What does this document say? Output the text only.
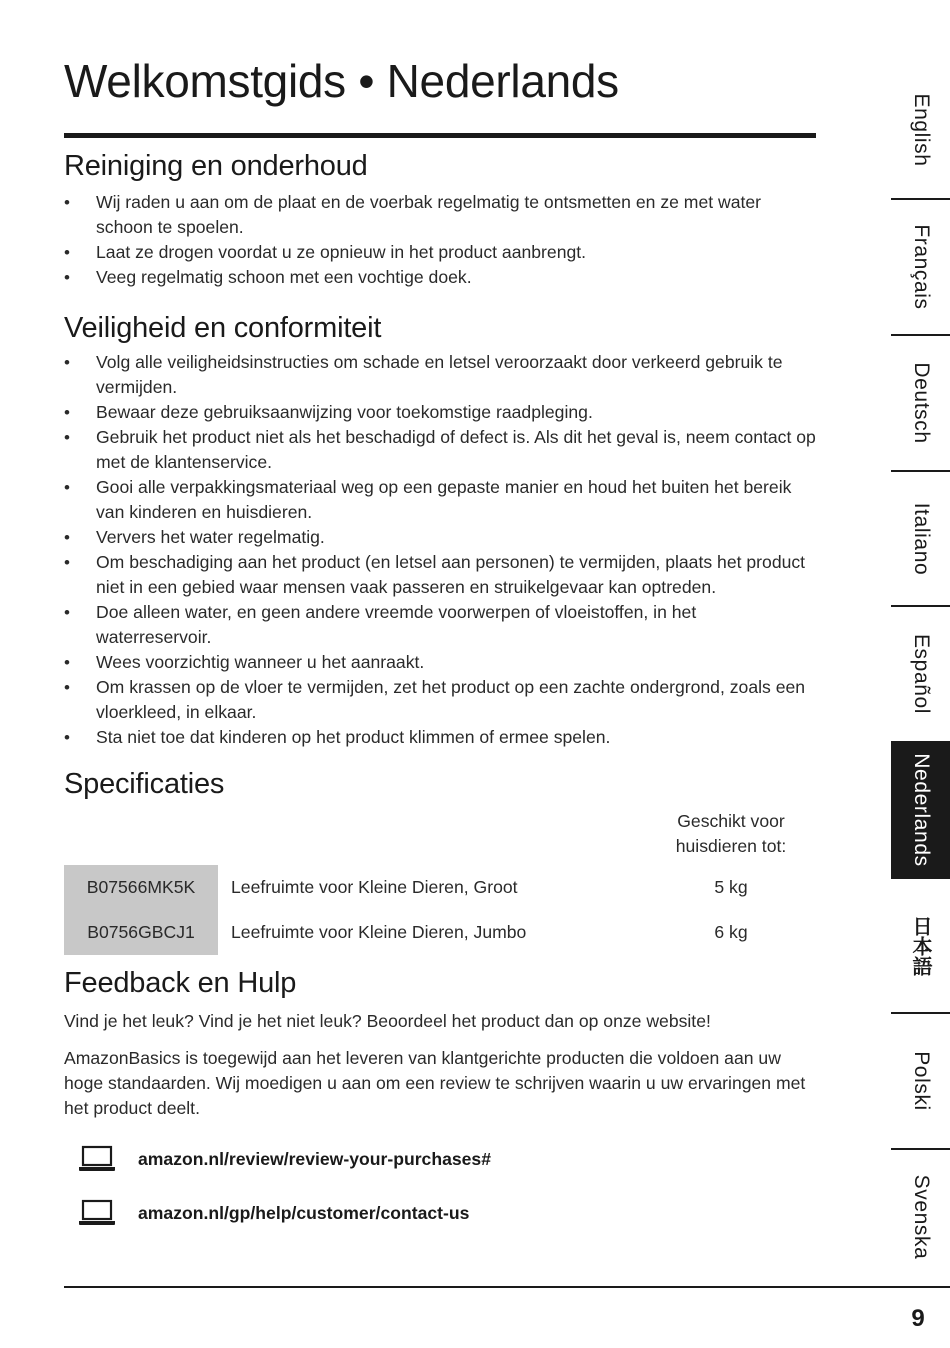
Welkomstgids • Nederlands
Reiniging en onderhoud
• Wij raden u aan om de plaat en de voerbak regelmatig te ontsmetten en ze met water schoon te spoelen.
• Laat ze drogen voordat u ze opnieuw in het product aanbrengt.
• Veeg regelmatig schoon met een vochtige doek.
Veiligheid en conformiteit
• Volg alle veiligheidsinstructies om schade en letsel veroorzaakt door verkeerd gebruik te vermijden.
• Bewaar deze gebruiksaanwijzing voor toekomstige raadpleging.
• Gebruik het product niet als het beschadigd of defect is. Als dit het geval is, neem contact op met de klantenservice.
• Gooi alle verpakkingsmateriaal weg op een gepaste manier en houd het buiten het bereik van kinderen en huisdieren.
• Ververs het water regelmatig.
• Om beschadiging aan het product (en letsel aan personen) te vermijden, plaats het product niet in een gebied waar mensen vaak passeren en struikelgevaar kan optreden.
• Doe alleen water, en geen andere vreemde voorwerpen of vloeistoffen, in het waterreservoir.
• Wees voorzichtig wanneer u het aanraakt.
• Om krassen op de vloer te vermijden, zet het product op een zachte ondergrond, zoals een vloerkleed, in elkaar.
• Sta niet toe dat kinderen op het product klimmen of ermee spelen.
Specificaties
		Geschikt voor
huisdieren tot:
B07566MK5K	Leefruimte voor Kleine Dieren, Groot	5 kg
B0756GBCJ1	Leefruimte voor Kleine Dieren, Jumbo	6 kg
Feedback en Hulp

Vind je het leuk? Vind je het niet leuk? Beoordeel het product dan op onze website!

AmazonBasics is toegewijd aan het leveren van klantgerichte producten die voldoen aan uw hoge standaarden. Wij moedigen u aan om een review te schrijven waarin u uw ervaringen met het product deelt.

amazon.nl/review/review-your-purchases#
amazon.nl/gp/help/customer/contact-us
English
Français
Deutsch
Italiano
Español
Nederlands
日本語
Polski
Svenska
9
